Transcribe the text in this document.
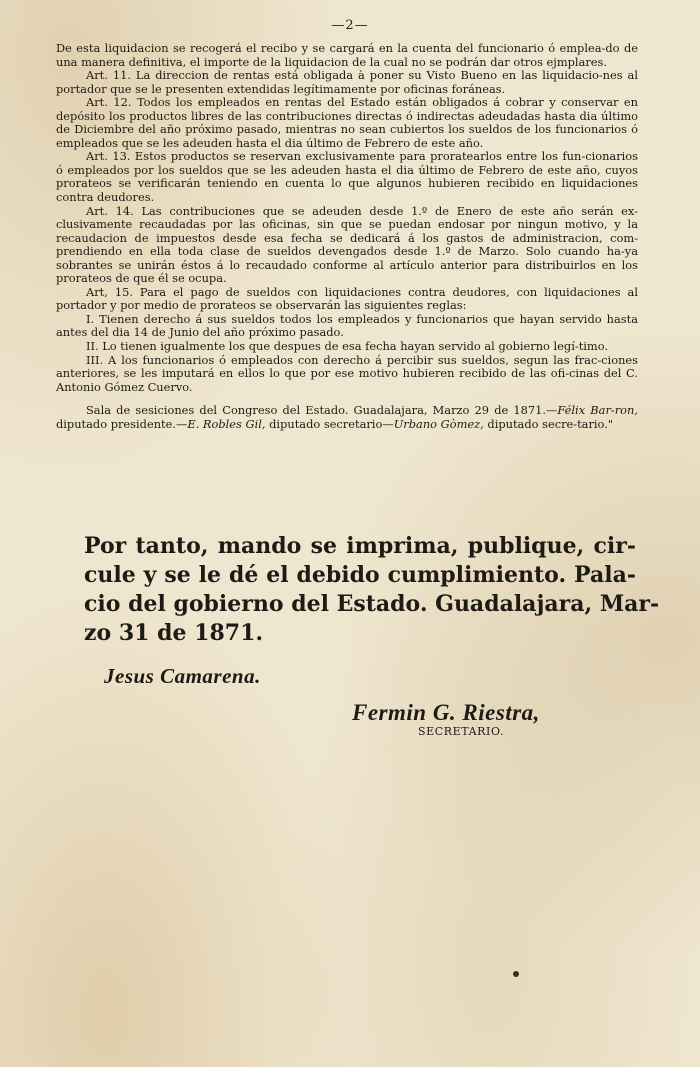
—2—

De esta liquidacion se recogerá el recibo y se cargará en la cuenta del funcionario ó emplea-do de una manera definitiva, el importe de la liquidacion de la cual no se podrán dar otros ejmplares.

Art. 11. La direccion de rentas está obligada à poner su Visto Bueno en las liquidacio-nes al portador que se le presenten extendidas legítimamente por oficinas foráneas.

Art. 12. Todos los empleados en rentas del Estado están obligados á cobrar y conservar en depósito los productos libres de las contribuciones directas ó indirectas adeudadas hasta dia último de Diciembre del año próximo pasado, mientras no sean cubiertos los sueldos de los funcionarios ó empleados que se les adeuden hasta el dia último de Febrero de este año.

Art. 13. Estos productos se reservan exclusivamente para proratearlos entre los fun-cionarios ó empleados por los sueldos que se les adeuden hasta el dia último de Febrero de este año, cuyos prorateos se verificarán teniendo en cuenta lo que algunos hubieren recibido en liquidaciones contra deudores.

Art. 14. Las contribuciones que se adeuden desde 1.º de Enero de este año serán ex-clusivamente recaudadas por las oficinas, sin que se puedan endosar por ningun motivo, y la recaudacion de impuestos desde esa fecha se dedicará á los gastos de administracion, com-prendiendo en ella toda clase de sueldos devengados desde 1.º de Marzo. Solo cuando ha-ya sobrantes se unirán éstos á lo recaudado conforme al artículo anterior para distribuirlos en los prorateos de que él se ocupa.

Art, 15. Para el pago de sueldos con liquidaciones contra deudores, con liquidaciones al portador y por medio de prorateos se observarán las siguientes reglas:

I. Tienen derecho á sus sueldos todos los empleados y funcionarios que hayan servido hasta antes del dia 14 de Junio del año próximo pasado.

II. Lo tienen igualmente los que despues de esa fecha hayan servido al gobierno legí-timo.

III. A los funcionarios ó empleados con derecho á percibir sus sueldos, segun las frac-ciones anteriores, se les imputará en ellos lo que por ese motivo hubieren recibido de las ofi-cinas del C. Antonio Gómez Cuervo.

Sala de sesiciones del Congreso del Estado. Guadalajara, Marzo 29 de 1871.—Félix Bar-ron, diputado presidente.—E. Robles Gil, diputado secretario—Urbano Gòmez, diputado secre-tario."

Por tanto, mando se imprima, publique, cir-
cule y se le dé el debido cumplimiento. Pala-
cio del gobierno del Estado. Guadalajara, Mar-
zo 31 de 1871.
Jesus Camarena.
Fermin G. Riestra,
SECRETARIO.
